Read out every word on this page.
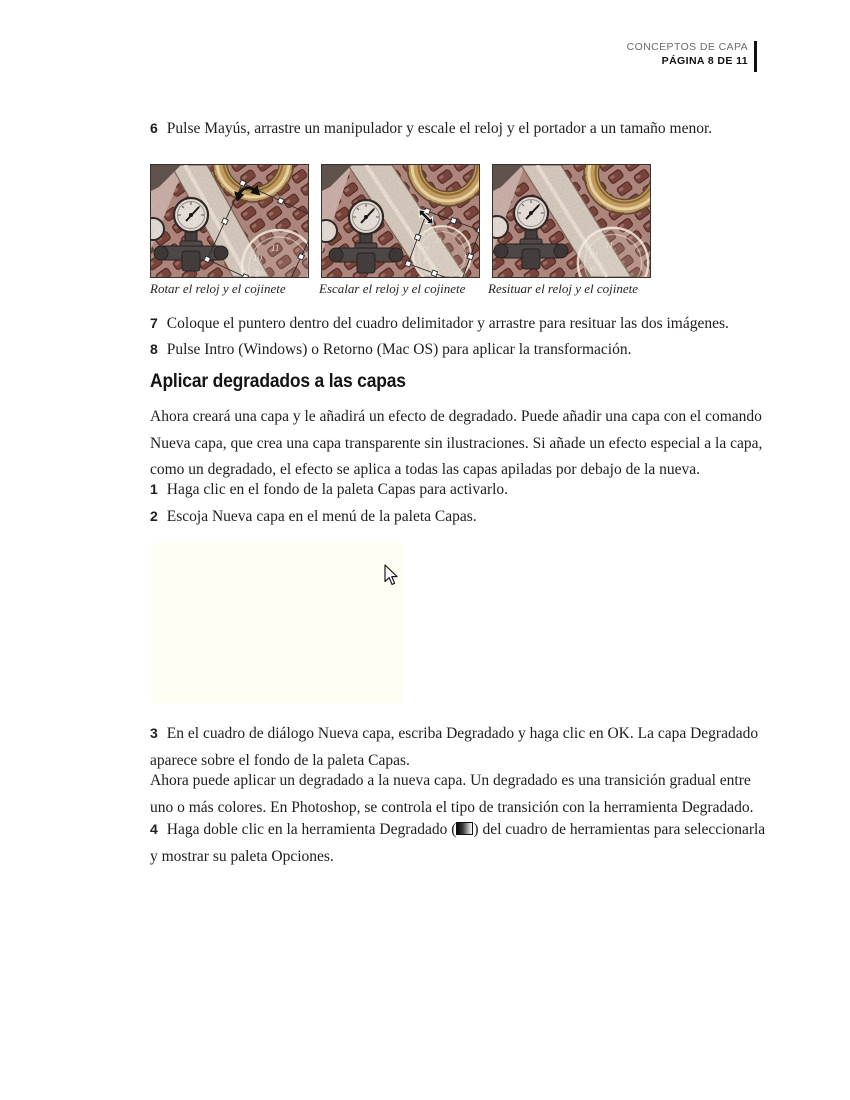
CONCEPTOS DE CAPA
PÁGINA 8 DE 11
6 Pulse Mayús, arrastre un manipulador y escale el reloj y el portador a un tamaño menor.
Rotar el reloj y el cojinete	Escalar el reloj y el cojinete	Resituar el reloj y el cojinete
7 Coloque el puntero dentro del cuadro delimitador y arrastre para resituar las dos imágenes.
8 Pulse Intro (Windows) o Retorno (Mac OS) para aplicar la transformación.
Aplicar degradados a las capas
Ahora creará una capa y le añadirá un efecto de degradado. Puede añadir una capa con el comando
Nueva capa, que crea una capa transparente sin ilustraciones. Si añade un efecto especial a la capa,
como un degradado, el efecto se aplica a todas las capas apiladas por debajo de la nueva.
1 Haga clic en el fondo de la paleta Capas para activarlo.
2 Escoja Nueva capa en el menú de la paleta Capas.
3 En el cuadro de diálogo Nueva capa, escriba Degradado y haga clic en OK. La capa Degradado
aparece sobre el fondo de la paleta Capas.
Ahora puede aplicar un degradado a la nueva capa. Un degradado es una transición gradual entre
uno o más colores. En Photoshop, se controla el tipo de transición con la herramienta Degradado.
4 Haga doble clic en la herramienta Degradado ( ) del cuadro de herramientas para seleccionarla
y mostrar su paleta Opciones.
